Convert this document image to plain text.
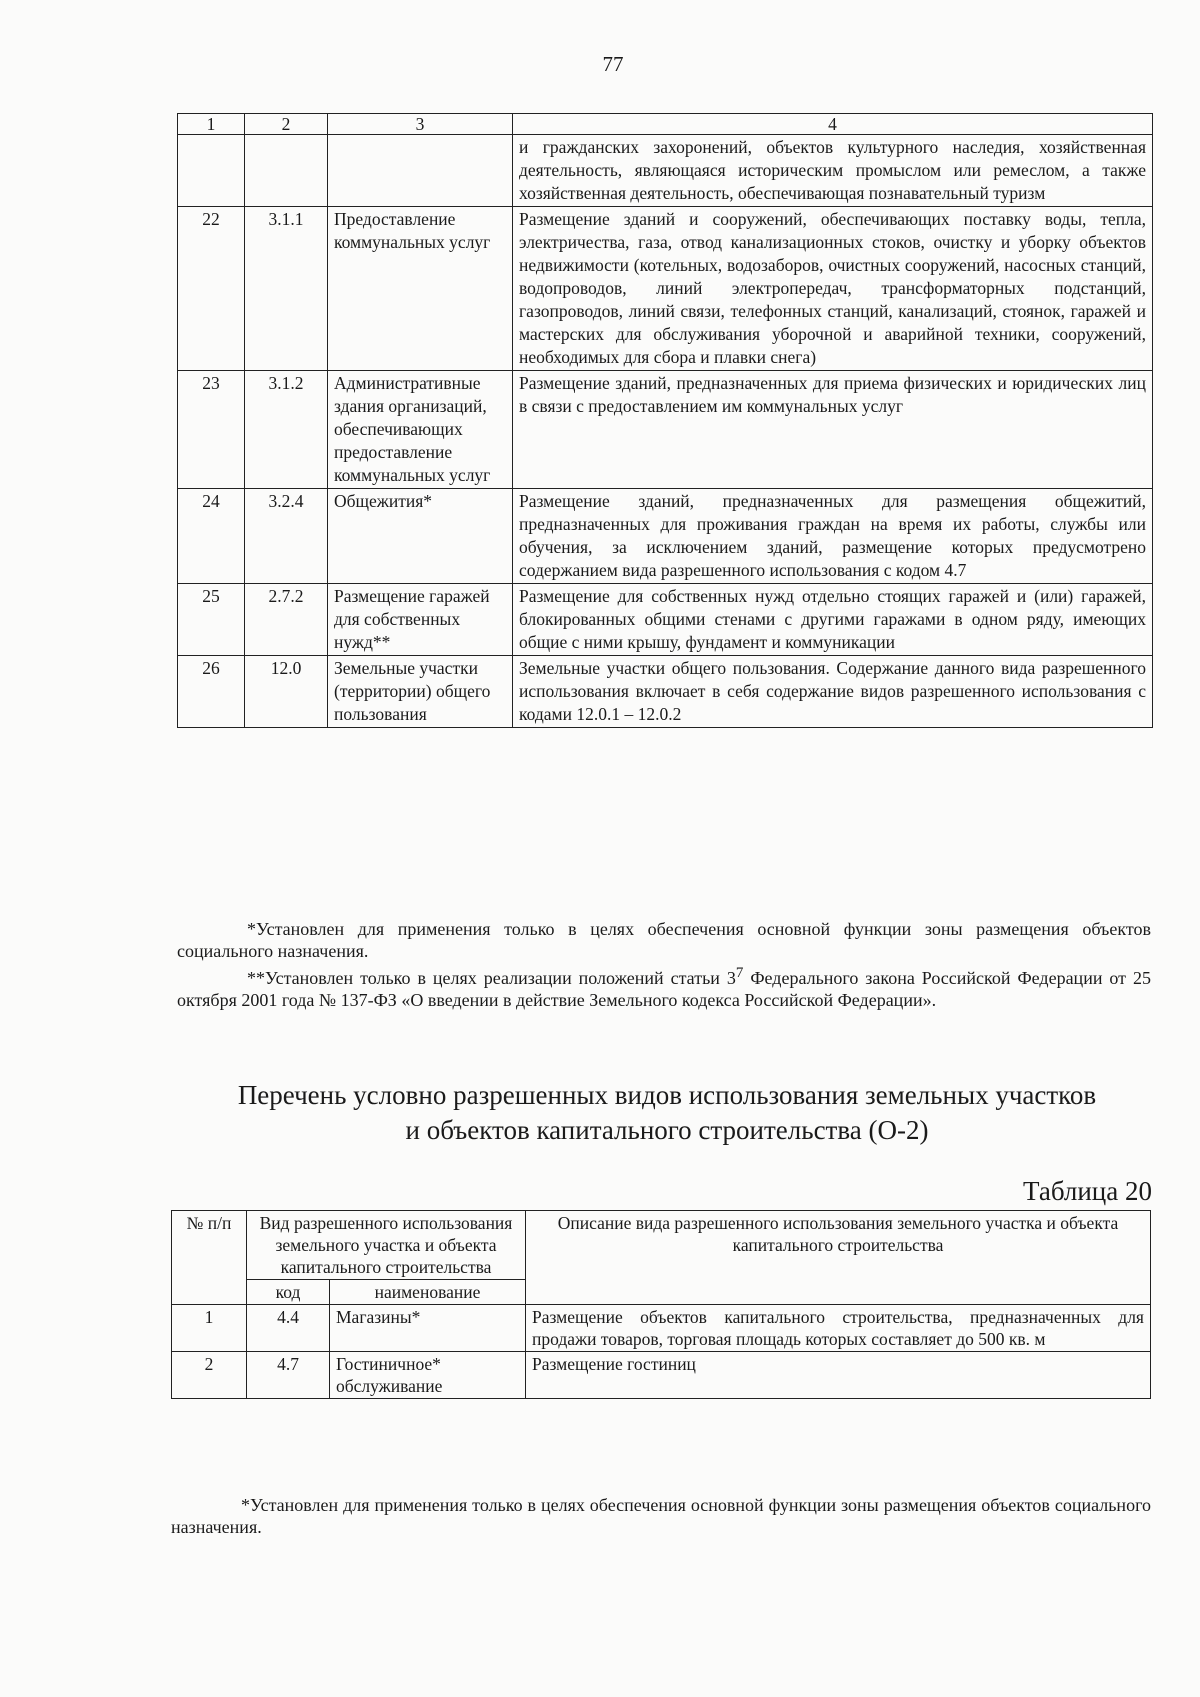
77
1	2	3	4
			и гражданских захоронений, объектов культурного наследия, хозяйственная деятельность, являющаяся историческим промыслом или ремеслом, а также хозяйственная деятельность, обеспечивающая познавательный туризм
22	3.1.1	Предоставление коммунальных услуг	Размещение зданий и сооружений, обеспечивающих поставку воды, тепла, электричества, газа, отвод канализационных стоков, очистку и уборку объектов недвижимости (котельных, водозаборов, очистных сооружений, насосных станций, водопроводов, линий электропередач, трансформаторных подстанций, газопроводов, линий связи, телефонных станций, канализаций, стоянок, гаражей и мастерских для обслуживания уборочной и аварийной техники, сооружений, необходимых для сбора и плавки снега)
23	3.1.2	Административные здания организаций, обеспечивающих предоставление коммунальных услуг	Размещение зданий, предназначенных для приема физических и юридических лиц в связи с предоставлением им коммунальных услуг
24	3.2.4	Общежития*	Размещение зданий, предназначенных для размещения общежитий, предназначенных для проживания граждан на время их работы, службы или обучения, за исключением зданий, размещение которых предусмотрено содержанием вида разрешенного использования с кодом 4.7
25	2.7.2	Размещение гаражей для собственных нужд**	Размещение для собственных нужд отдельно стоящих гаражей и (или) гаражей, блокированных общими стенами с другими гаражами в одном ряду, имеющих общие с ними крышу, фундамент и коммуникации
26	12.0	Земельные участки (территории) общего пользования	Земельные участки общего пользования. Содержание данного вида разрешенного использования включает в себя содержание видов разрешенного использования с кодами 12.0.1 – 12.0.2

*Установлен для применения только в целях обеспечения основной функции зоны размещения объектов социального назначения.

**Установлен только в целях реализации положений статьи $3^7$ Федерального закона Российской Федерации от 25 октября 2001 года № 137-ФЗ «О введении в действие Земельного кодекса Российской Федерации».

Перечень условно разрешенных видов использования земельных участков
и объектов капитального строительства (О-2)
Таблица 20
№ п/п	Вид разрешенного использования земельного участка и объекта капитального строительства		Описание вида разрешенного использования земельного участка и объекта капитального строительства
	код	наименование	
1	4.4	Магазины*	Размещение объектов капитального строительства, предназначенных для продажи товаров, торговая площадь которых составляет до 500 кв. м
2	4.7	Гостиничное* обслуживание	Размещение гостиниц

*Установлен для применения только в целях обеспечения основной функции зоны размещения объектов социального назначения.
